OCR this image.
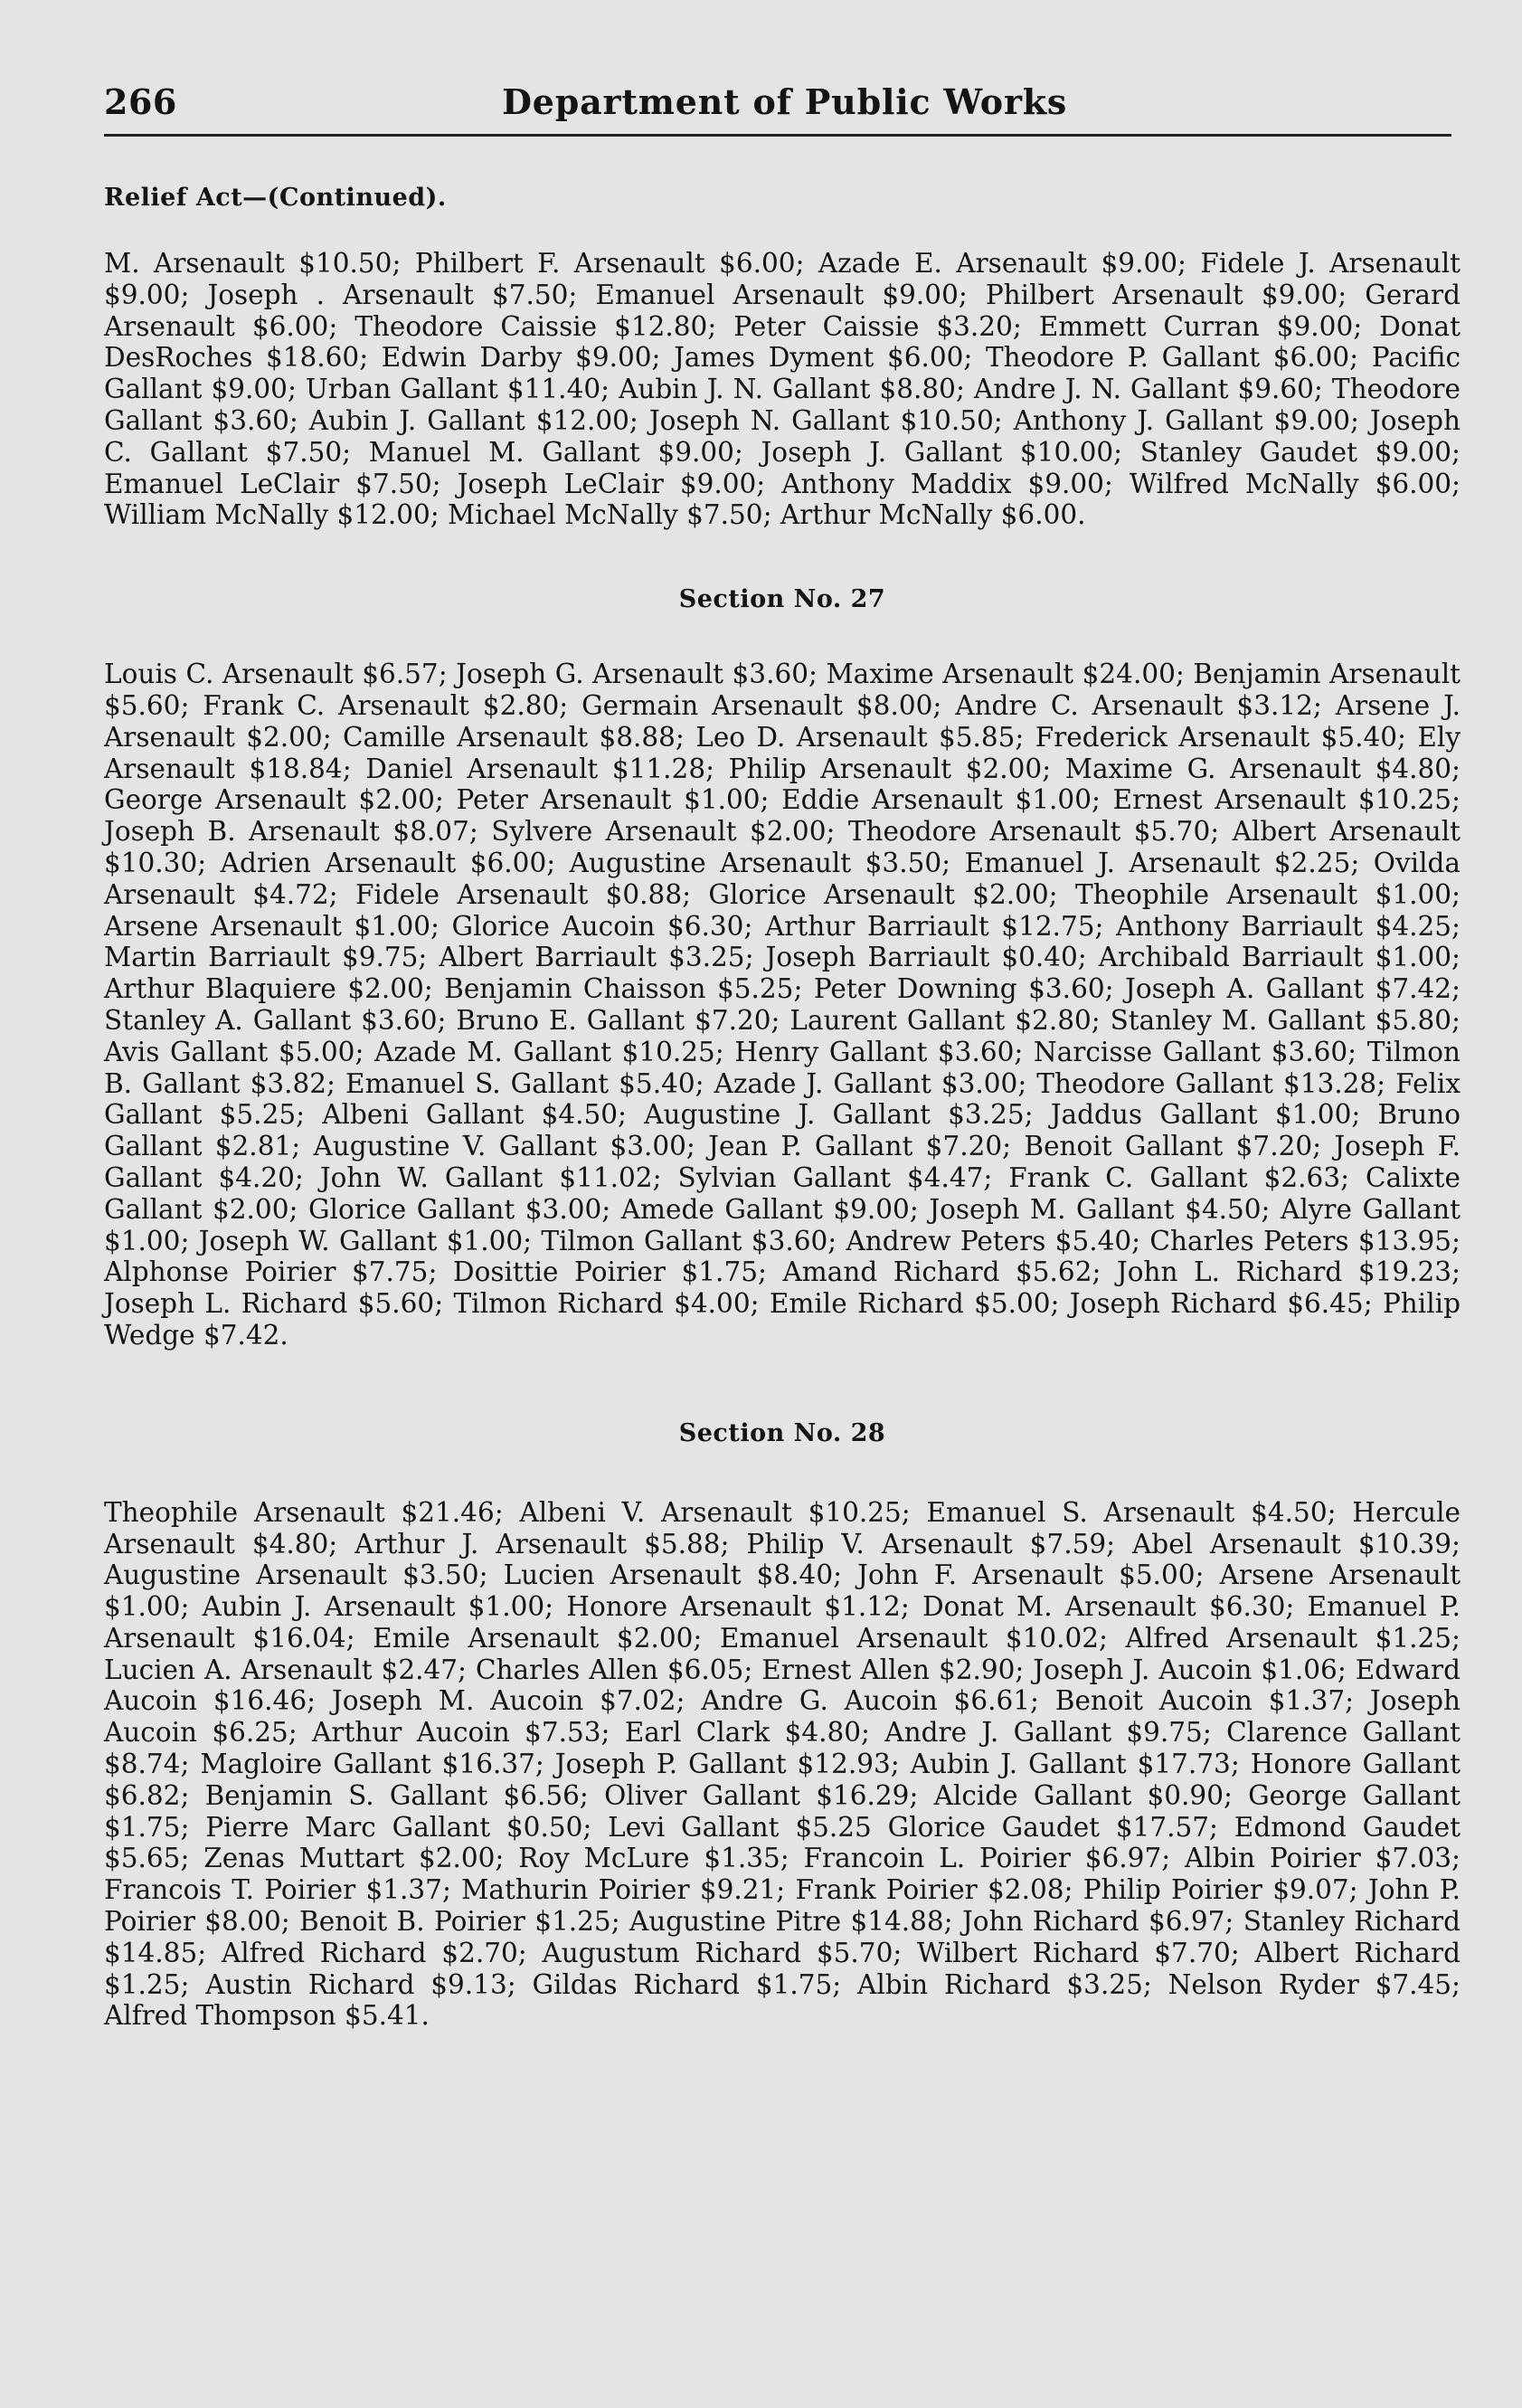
266	Department of Public Works
Relief Act—(Continued).

M. Arsenault $10.50; Philbert F. Arsenault $6.00; Azade E. Arsenault $9.00; Fidele J. Arsenault $9.00; Joseph . Arsenault $7.50; Emanuel Arsenault $9.00; Philbert Arsenault $9.00; Gerard Arsenault $6.00; Theodore Caissie $12.80; Peter Caissie $3.20; Emmett Curran $9.00; Donat DesRoches $18.60; Edwin Darby $9.00; James Dyment $6.00; Theodore P. Gallant $6.00; Pacific Gallant $9.00; Urban Gallant $11.40; Aubin J. N. Gallant $8.80; Andre J. N. Gallant $9.60; Theodore Gallant $3.60; Aubin J. Gallant $12.00; Joseph N. Gallant $10.50; Anthony J. Gallant $9.00; Joseph C. Gallant $7.50; Manuel M. Gallant $9.00; Joseph J. Gallant $10.00; Stanley Gaudet $9.00; Emanuel LeClair $7.50; Joseph LeClair $9.00; Anthony Maddix $9.00; Wilfred McNally $6.00; William McNally $12.00; Michael McNally $7.50; Arthur McNally $6.00.

Section No. 27

Louis C. Arsenault $6.57; Joseph G. Arsenault $3.60; Maxime Arsenault $24.00; Benjamin Arsenault $5.60; Frank C. Arsenault $2.80; Germain Arsenault $8.00; Andre C. Arsenault $3.12; Arsene J. Arsenault $2.00; Camille Arsenault $8.88; Leo D. Arsenault $5.85; Frederick Arsenault $5.40; Ely Arsenault $18.84; Daniel Arsenault $11.28; Philip Arsenault $2.00; Maxime G. Arsenault $4.80; George Arsenault $2.00; Peter Arsenault $1.00; Eddie Arsenault $1.00; Ernest Arsenault $10.25; Joseph B. Arsenault $8.07; Sylvere Arsenault $2.00; Theodore Arsenault $5.70; Albert Arsenault $10.30; Adrien Arsenault $6.00; Augustine Arsenault $3.50; Emanuel J. Arsenault $2.25; Ovilda Arsenault $4.72; Fidele Arsenault $0.88; Glorice Arsenault $2.00; Theophile Arsenault $1.00; Arsene Arsenault $1.00; Glorice Aucoin $6.30; Arthur Barriault $12.75; Anthony Barriault $4.25; Martin Barriault $9.75; Albert Barriault $3.25; Joseph Barriault $0.40; Archibald Barriault $1.00; Arthur Blaquiere $2.00; Benjamin Chaisson $5.25; Peter Downing $3.60; Joseph A. Gallant $7.42; Stanley A. Gallant $3.60; Bruno E. Gallant $7.20; Laurent Gallant $2.80; Stanley M. Gallant $5.80; Avis Gallant $5.00; Azade M. Gallant $10.25; Henry Gallant $3.60; Narcisse Gallant $3.60; Tilmon B. Gallant $3.82; Emanuel S. Gallant $5.40; Azade J. Gallant $3.00; Theodore Gallant $13.28; Felix Gallant $5.25; Albeni Gallant $4.50; Augustine J. Gallant $3.25; Jaddus Gallant $1.00; Bruno Gallant $2.81; Augustine V. Gallant $3.00; Jean P. Gallant $7.20; Benoit Gallant $7.20; Joseph F. Gallant $4.20; John W. Gallant $11.02; Sylvian Gallant $4.47; Frank C. Gallant $2.63; Calixte Gallant $2.00; Glorice Gallant $3.00; Amede Gallant $9.00; Joseph M. Gallant $4.50; Alyre Gallant $1.00; Joseph W. Gallant $1.00; Tilmon Gallant $3.60; Andrew Peters $5.40; Charles Peters $13.95; Alphonse Poirier $7.75; Dosittie Poirier $1.75; Amand Richard $5.62; John L. Richard $19.23; Joseph L. Richard $5.60; Tilmon Richard $4.00; Emile Richard $5.00; Joseph Richard $6.45; Philip Wedge $7.42.

Section No. 28

Theophile Arsenault $21.46; Albeni V. Arsenault $10.25; Emanuel S. Arsenault $4.50; Hercule Arsenault $4.80; Arthur J. Arsenault $5.88; Philip V. Arsenault $7.59; Abel Arsenault $10.39; Augustine Arsenault $3.50; Lucien Arsenault $8.40; John F. Arsenault $5.00; Arsene Arsenault $1.00; Aubin J. Arsenault $1.00; Honore Arsenault $1.12; Donat M. Arsenault $6.30; Emanuel P. Arsenault $16.04; Emile Arsenault $2.00; Emanuel Arsenault $10.02; Alfred Arsenault $1.25; Lucien A. Arsenault $2.47; Charles Allen $6.05; Ernest Allen $2.90; Joseph J. Aucoin $1.06; Edward Aucoin $16.46; Joseph M. Aucoin $7.02; Andre G. Aucoin $6.61; Benoit Aucoin $1.37; Joseph Aucoin $6.25; Arthur Aucoin $7.53; Earl Clark $4.80; Andre J. Gallant $9.75; Clarence Gallant $8.74; Magloire Gallant $16.37; Joseph P. Gallant $12.93; Aubin J. Gallant $17.73; Honore Gallant $6.82; Benjamin S. Gallant $6.56; Oliver Gallant $16.29; Alcide Gallant $0.90; George Gallant $1.75; Pierre Marc Gallant $0.50; Levi Gallant $5.25 Glorice Gaudet $17.57; Edmond Gaudet $5.65; Zenas Muttart $2.00; Roy McLure $1.35; Francoin L. Poirier $6.97; Albin Poirier $7.03; Francois T. Poirier $1.37; Mathurin Poirier $9.21; Frank Poirier $2.08; Philip Poirier $9.07; John P. Poirier $8.00; Benoit B. Poirier $1.25; Augustine Pitre $14.88; John Richard $6.97; Stanley Richard $14.85; Alfred Richard $2.70; Augustum Richard $5.70; Wilbert Richard $7.70; Albert Richard $1.25; Austin Richard $9.13; Gildas Richard $1.75; Albin Richard $3.25; Nelson Ryder $7.45; Alfred Thompson $5.41.
